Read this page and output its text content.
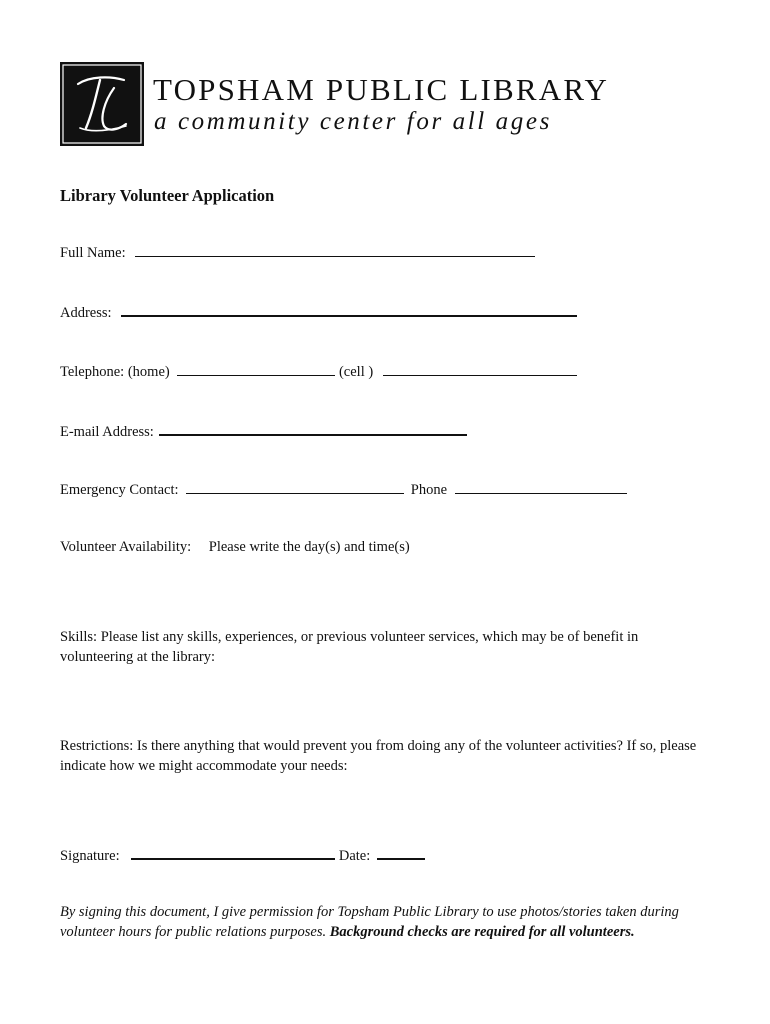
TOPSHAM PUBLIC LIBRARY
a community center for all ages
Library Volunteer Application
Full Name:
Address:
Telephone: (home)	(cell )
E-mail Address:
Emergency Contact:	Phone
Volunteer Availability: Please write the day(s) and time(s)
Skills: Please list any skills, experiences, or previous volunteer services, which may be of benefit in volunteering at the library:
Restrictions: Is there anything that would prevent you from doing any of the volunteer activities? If so, please indicate how we might accommodate your needs:
Signature:	Date:
By signing this document, I give permission for Topsham Public Library to use photos/stories taken during volunteer hours for public relations purposes. Background checks are required for all volunteers.
